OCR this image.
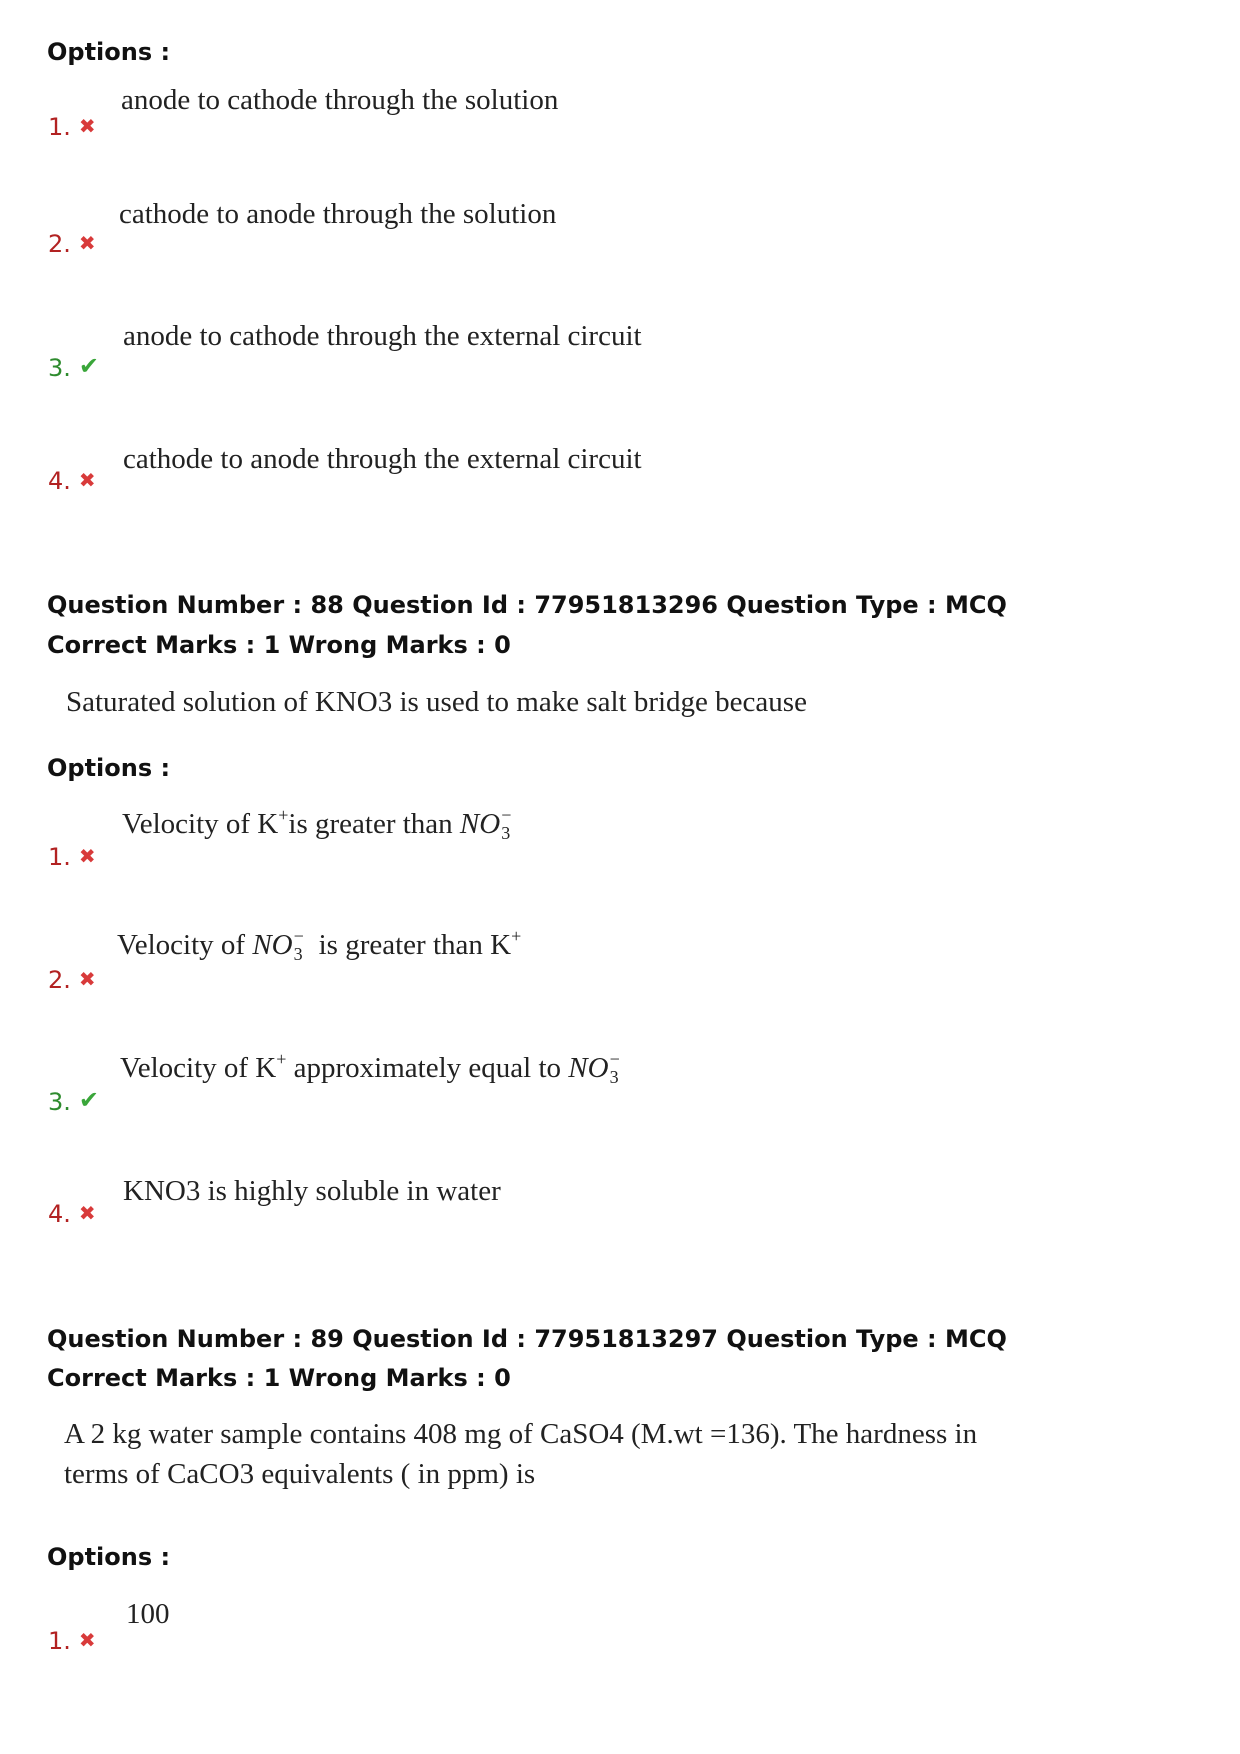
Options :
anode to cathode through the solution
1. ✖
cathode to anode through the solution
2. ✖
anode to cathode through the external circuit
3. ✔
cathode to anode through the external circuit
4. ✖
Question Number : 88 Question Id : 77951813296 Question Type : MCQ
Correct Marks : 1 Wrong Marks : 0
Saturated solution of KNO3 is used to make salt bridge because
Options :
Velocity of K+is greater than NO −
3
1. ✖
Velocity of NO −
3 is greater than K+
2. ✖
Velocity of K+ approximately equal to NO −
3
3. ✔
KNO3 is highly soluble in water
4. ✖
Question Number : 89 Question Id : 77951813297 Question Type : MCQ
Correct Marks : 1 Wrong Marks : 0
A 2 kg water sample contains 408 mg of CaSO4 (M.wt =136). The hardness in
terms of CaCO3 equivalents ( in ppm) is
Options :
100
1. ✖
